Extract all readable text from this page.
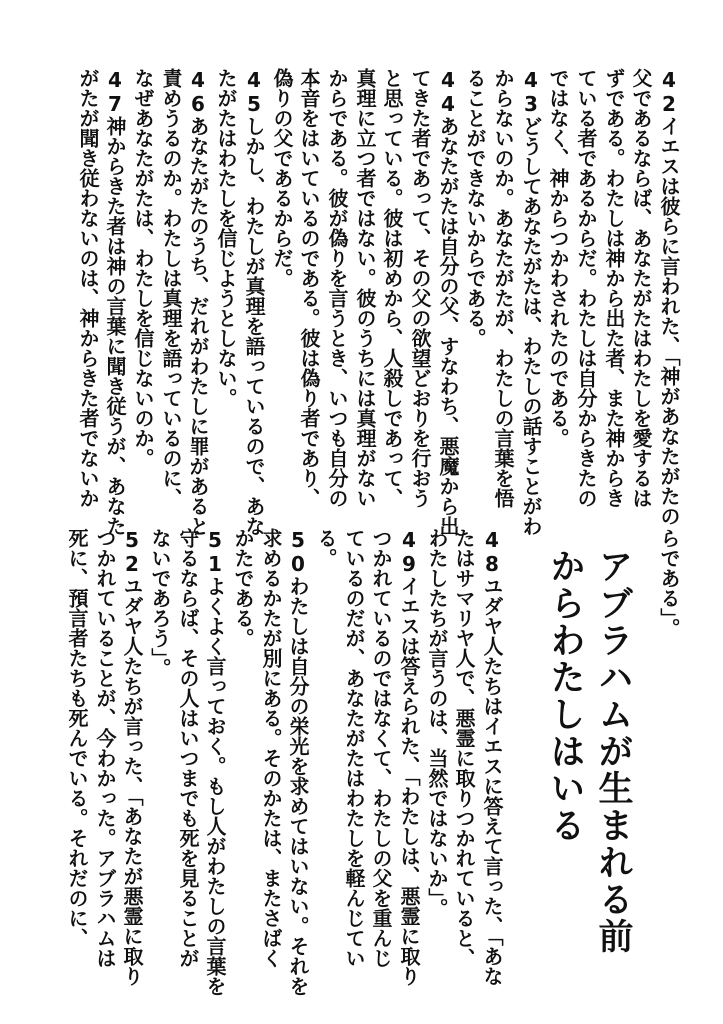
42イエスは彼らに言われた、「神があなたがたの
父であるならば、あなたがたはわたしを愛するは
ずである。わたしは神から出た者、また神からき
ている者であるからだ。わたしは自分からきたの
ではなく、神からつかわされたのである。
43どうしてあなたがたは、わたしの話すことがわ
からないのか。あなたがたが、わたしの言葉を悟
ることができないからである。
44あなたがたは自分の父、すなわち、悪魔から出
てきた者であって、その父の欲望どおりを行おう
と思っている。彼は初めから、人殺しであって、
真理に立つ者ではない。彼のうちには真理がない
からである。彼が偽りを言うとき、いつも自分の
本音をはいているのである。彼は偽り者であり、
偽りの父であるからだ。
45しかし、わたしが真理を語っているので、あな
たがたはわたしを信じようとしない。
46あなたがたのうち、だれがわたしに罪があると
責めうるのか。わたしは真理を語っているのに、
なぜあなたがたは、わたしを信じないのか。
47神からきた者は神の言葉に聞き従うが、あなた
がたが聞き従わないのは、神からきた者でないか
らである」。
アブラハムが生まれる前
からわたしはいる
48ユダヤ人たちはイエスに答えて言った、「あな
たはサマリヤ人で、悪霊に取りつかれていると、
わたしたちが言うのは、当然ではないか」。
49イエスは答えられた、「わたしは、悪霊に取り
つかれているのではなくて、わたしの父を重んじ
ているのだが、あなたがたはわたしを軽んじてい
る。
50わたしは自分の栄光を求めてはいない。それを
求めるかたが別にある。そのかたは、またさばく
かたである。
51よくよく言っておく。もし人がわたしの言葉を
守るならば、その人はいつまでも死を見ることが
ないであろう」。
52ユダヤ人たちが言った、「あなたが悪霊に取り
つかれていることが、今わかった。アブラハムは
死に、預言者たちも死んでいる。それだのに、
